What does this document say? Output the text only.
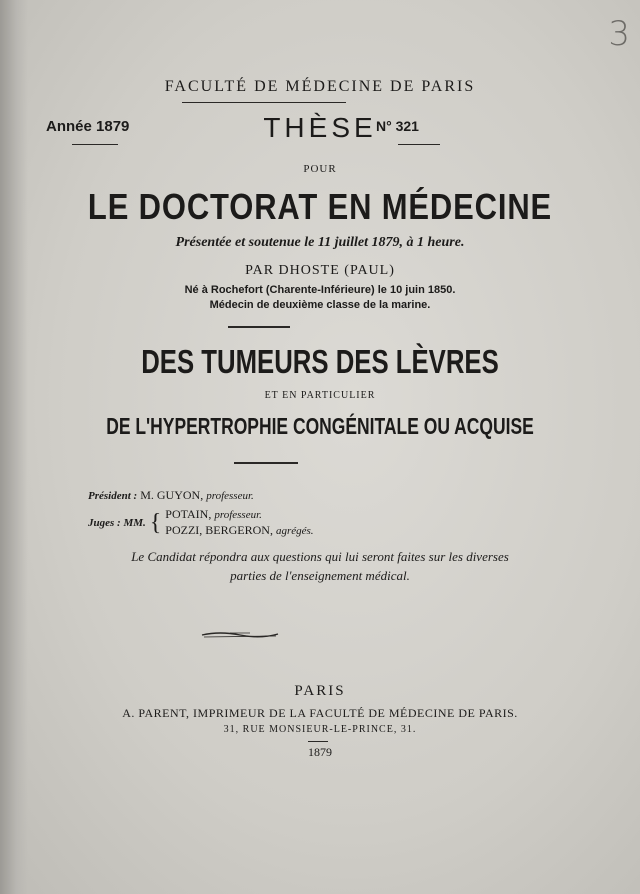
3
FACULTÉ DE MÉDECINE DE PARIS
Année 1879	THÈSE N° 321
POUR
LE DOCTORAT EN MÉDECINE
Présentée et soutenue le 11 juillet 1879, à 1 heure.
PAR DHOSTE (PAUL)
Né à Rochefort (Charente-Inférieure) le 10 juin 1850.
Médecin de deuxième classe de la marine.
DES TUMEURS DES LÈVRES
ET EN PARTICULIER
DE L'HYPERTROPHIE CONGÉNITALE OU ACQUISE
Président : M. GUYON, professeur.
Juges : MM. { POTAIN, professeur.
POZZI, BERGERON, agrégés.
Le Candidat répondra aux questions qui lui seront faites sur les diverses
parties de l'enseignement médical.
PARIS
A. PARENT, IMPRIMEUR DE LA FACULTÉ DE MÉDECINE DE PARIS.
31, RUE MONSIEUR-LE-PRINCE, 31.
1879
